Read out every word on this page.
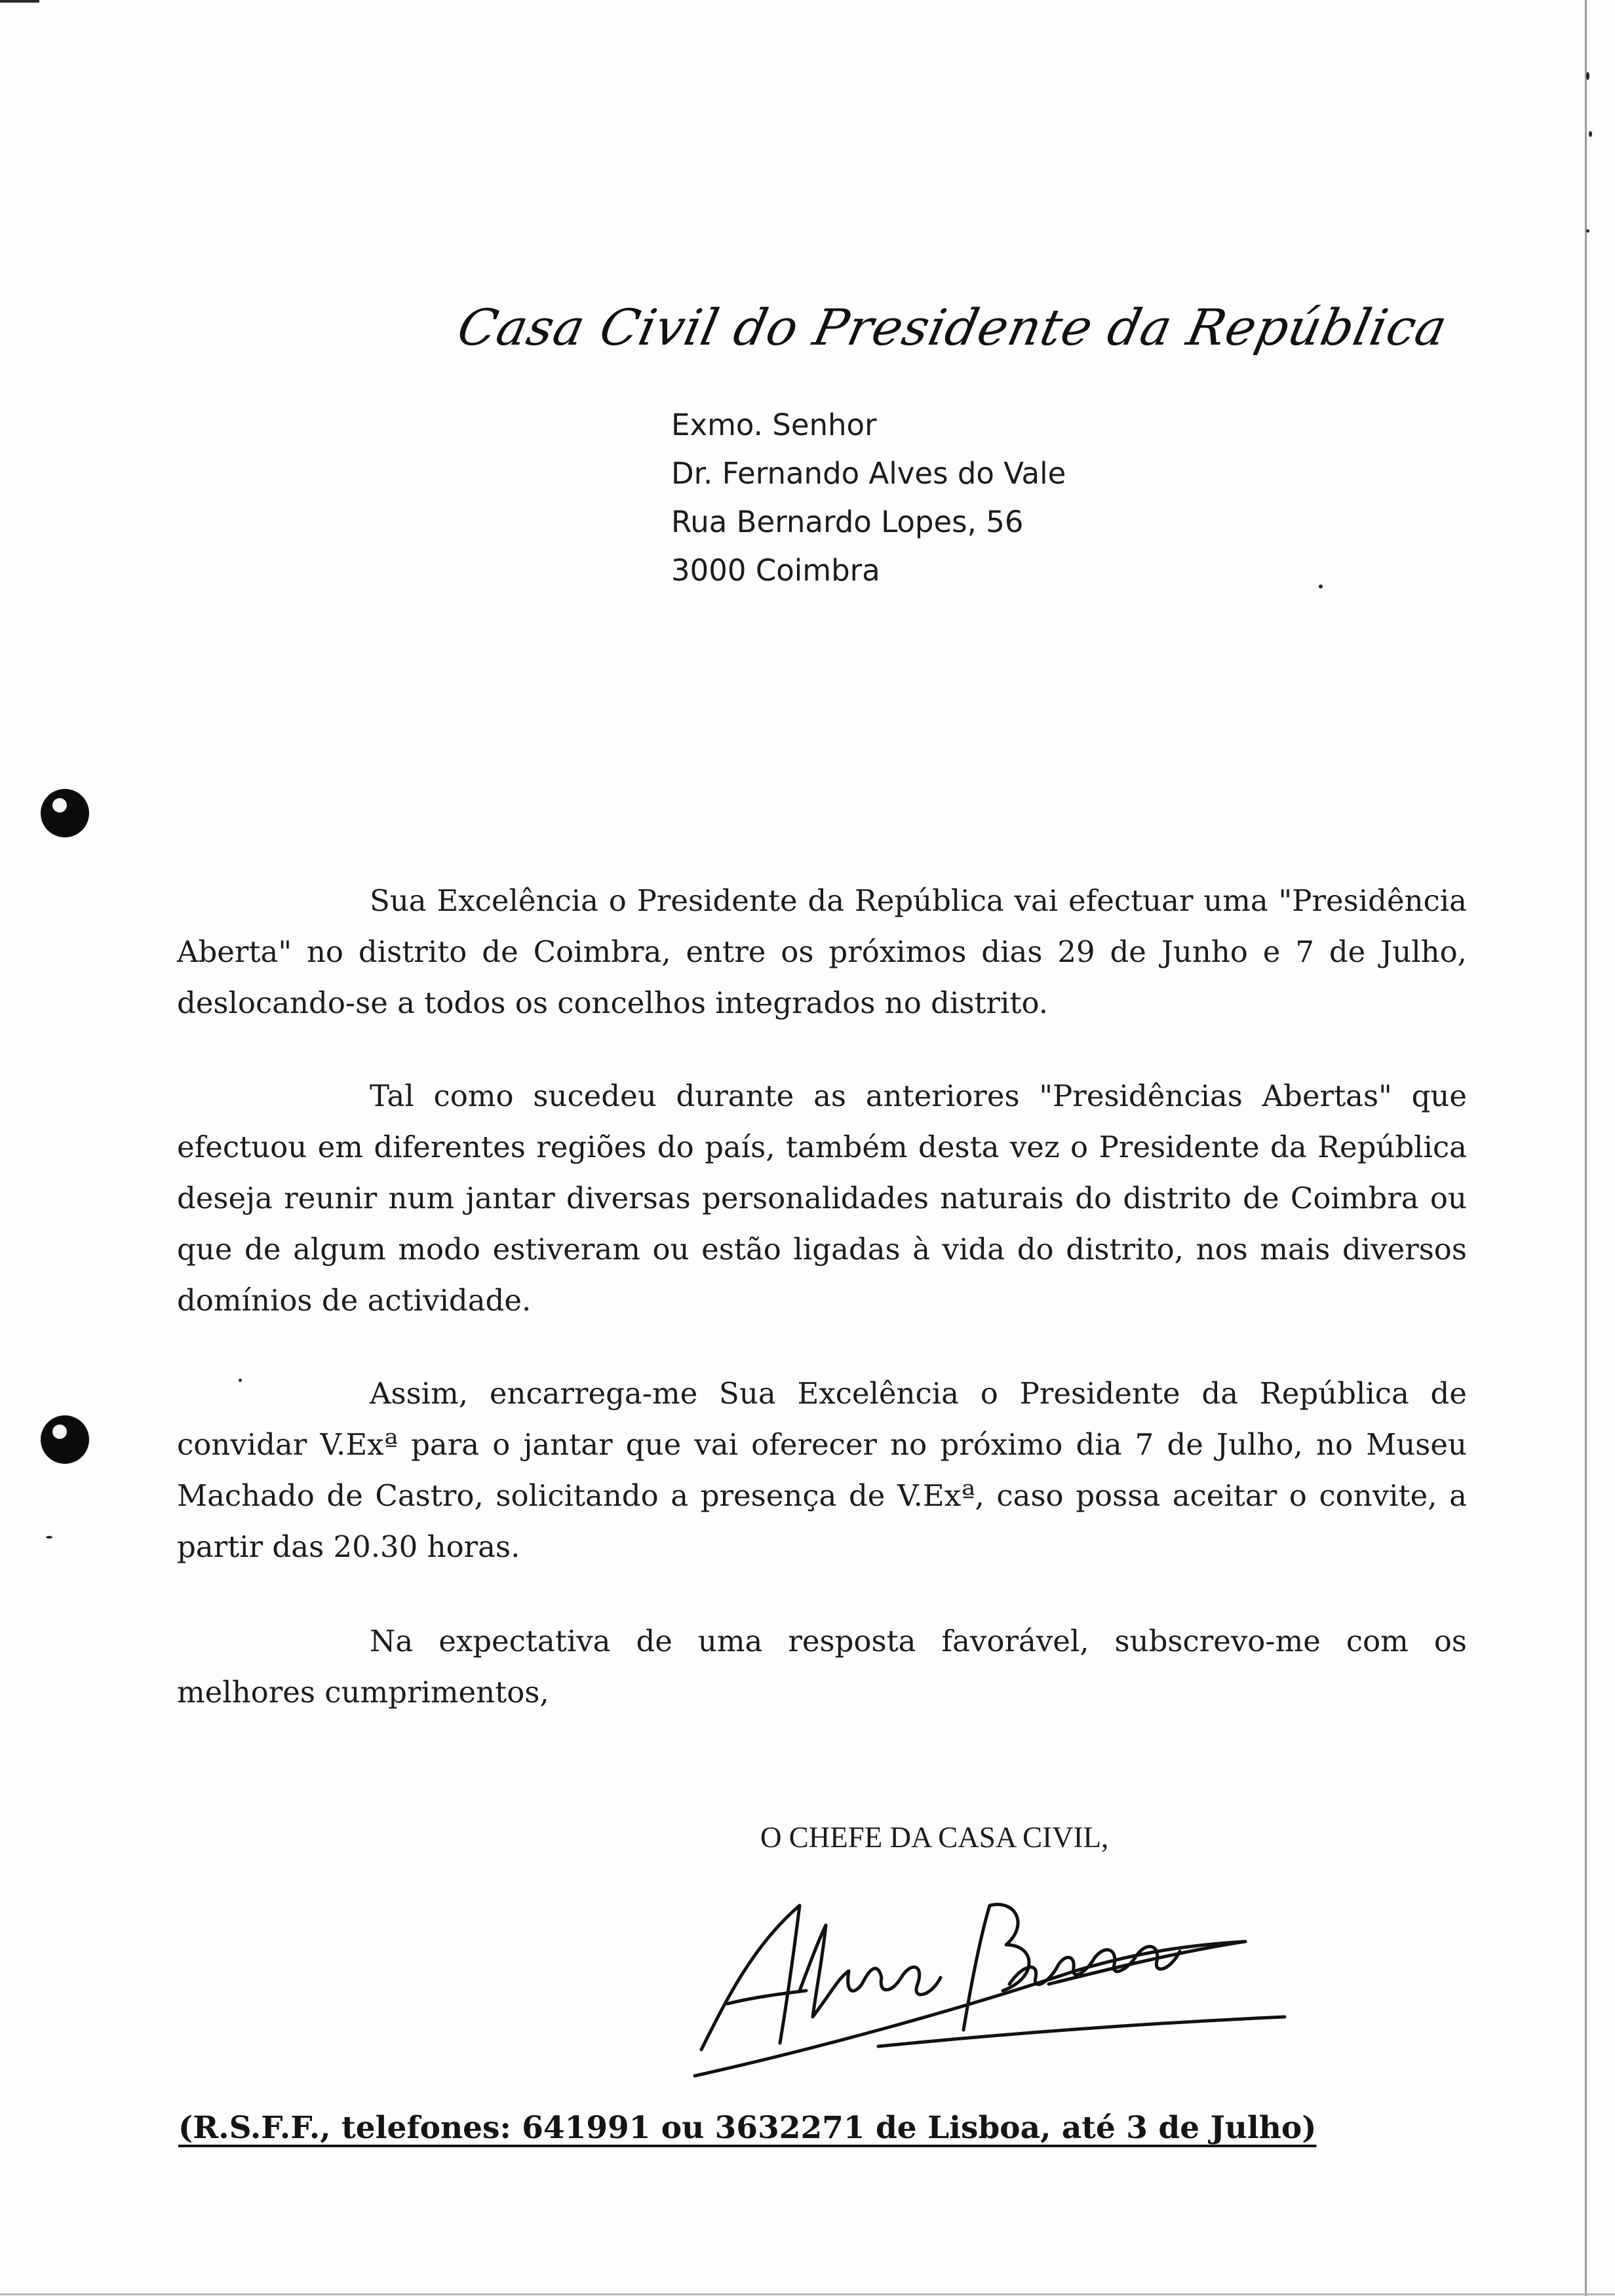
Casa Civil do Presidente da República
Exmo. Senhor
Dr. Fernando Alves do Vale
Rua Bernardo Lopes, 56
3000 Coimbra

Sua Excelência o Presidente da República vai efectuar uma "Presidência Aberta" no distrito de Coimbra, entre os próximos dias 29 de Junho e 7 de Julho, deslocando-se a todos os concelhos integrados no distrito.

Tal como sucedeu durante as anteriores "Presidências Abertas" que efectuou em diferentes regiões do país, também desta vez o Presidente da República deseja reunir num jantar diversas personalidades naturais do distrito de Coimbra ou que de algum modo estiveram ou estão ligadas à vida do distrito, nos mais diversos domínios de actividade.

Assim, encarrega-me Sua Excelência o Presidente da República de convidar V.Exª para o jantar que vai oferecer no próximo dia 7 de Julho, no Museu Machado de Castro, solicitando a presença de V.Exª, caso possa aceitar o convite, a partir das 20.30 horas.

Na expectativa de uma resposta favorável, subscrevo-me com os melhores cumprimentos,

O CHEFE DA CASA CIVIL,
Alfredo Barroso
(R.S.F.F., telefones: 641991 ou 3632271 de Lisboa, até 3 de Julho)
